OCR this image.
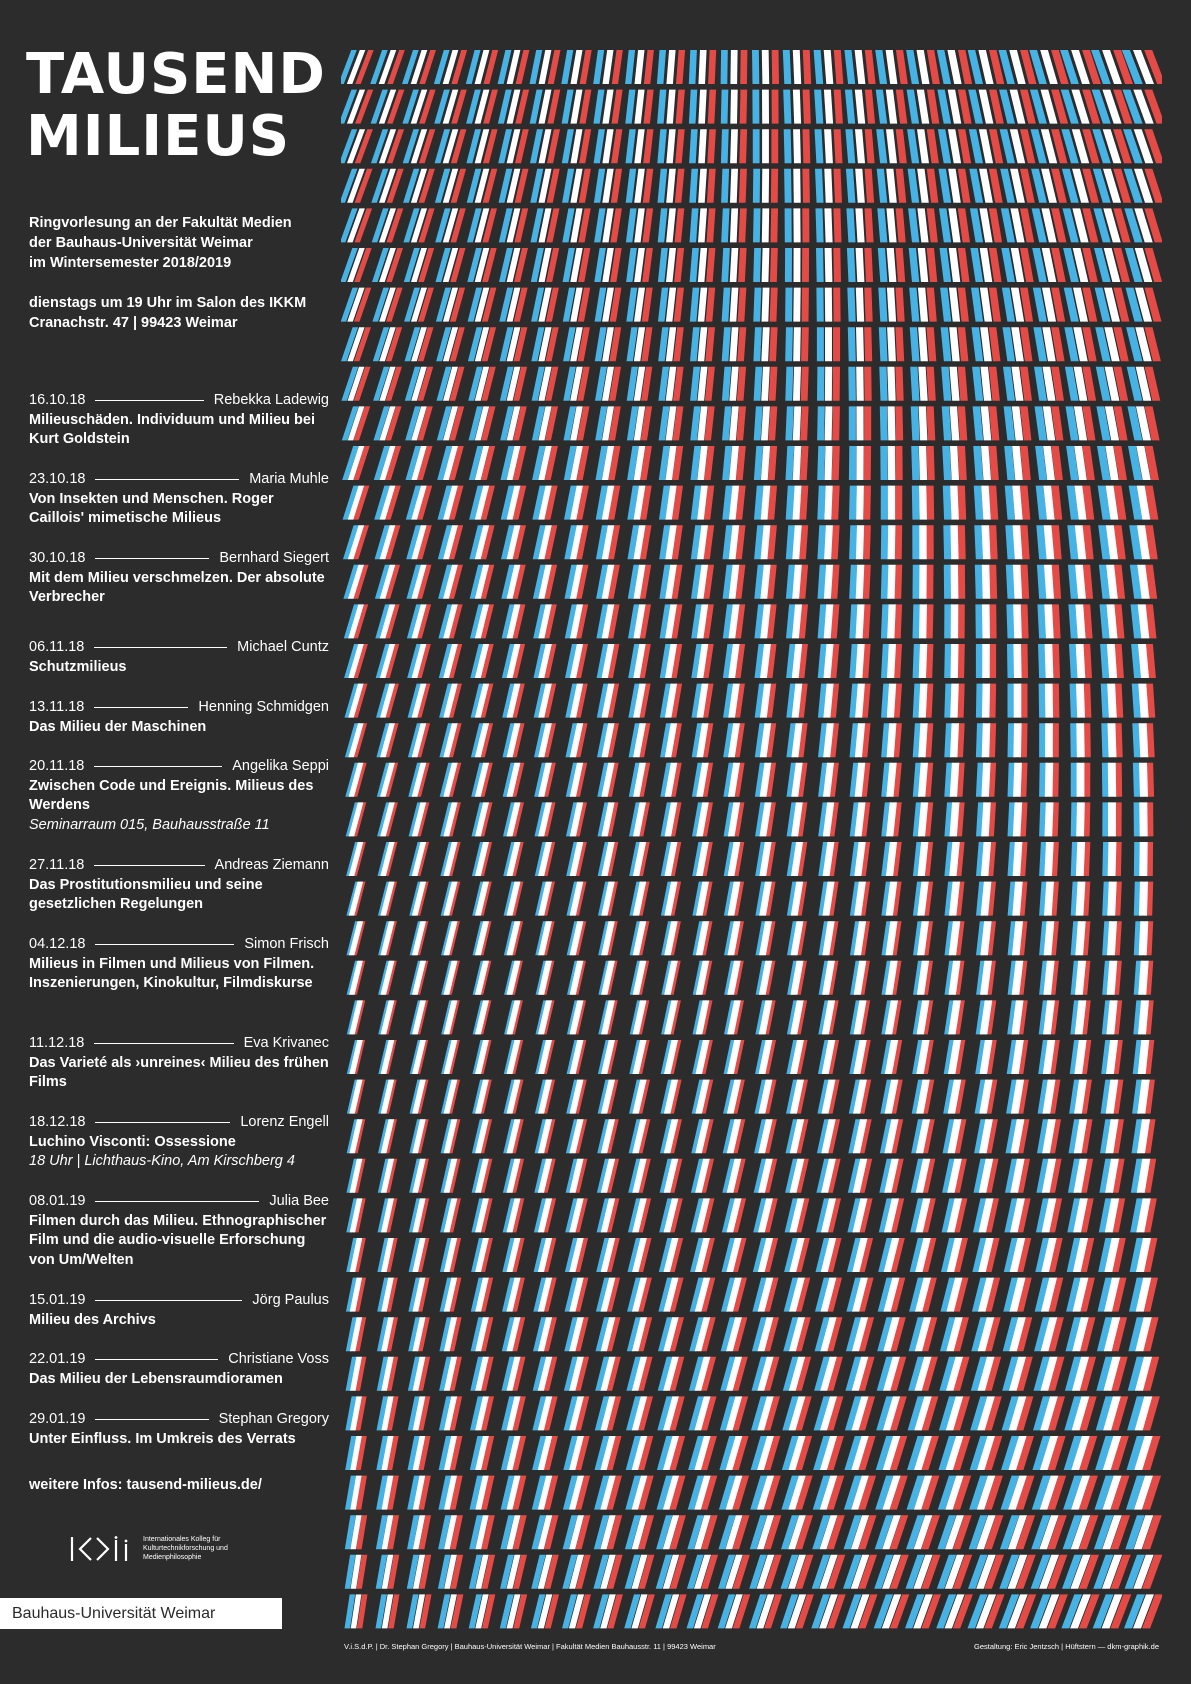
TAUSEND
MILIEUS
Ringvorlesung an der Fakultät Medien
der Bauhaus-Universität Weimar
im Wintersemester 2018/2019
dienstags um 19 Uhr im Salon des IKKM
Cranachstr. 47 | 99423 Weimar
16.10.18	Rebekka Ladewig
Milieuschäden. Individuum und Milieu bei Kurt Goldstein
23.10.18	Maria Muhle
Von Insekten und Menschen. Roger Caillois' mimetische Milieus
30.10.18	Bernhard Siegert
Mit dem Milieu verschmelzen. Der absolute Verbrecher
06.11.18	Michael Cuntz
Schutzmilieus
13.11.18	Henning Schmidgen
Das Milieu der Maschinen
20.11.18	Angelika Seppi
Zwischen Code und Ereignis. Milieus des Werdens
Seminarraum 015, Bauhausstraße 11
27.11.18	Andreas Ziemann
Das Prostitutionsmilieu und seine gesetzlichen Regelungen
04.12.18	Simon Frisch
Milieus in Filmen und Milieus von Filmen. Inszenierungen, Kinokultur, Filmdiskurse
11.12.18	Eva Krivanec
Das Varieté als ›unreines‹ Milieu des frühen Films
18.12.18	Lorenz Engell
Luchino Visconti: Ossessione
18 Uhr | Lichthaus-Kino, Am Kirschberg 4
08.01.19	Julia Bee
Filmen durch das Milieu. Ethnographischer Film und die audio-visuelle Erforschung von Um/Welten
15.01.19	Jörg Paulus
Milieu des Archivs
22.01.19	Christiane Voss
Das Milieu der Lebensraumdioramen
29.01.19	Stephan Gregory
Unter Einfluss. Im Umkreis des Verrats
weitere Infos: tausend-milieus.de/
Internationales Kolleg für Kulturtechnikforschung und Medienphilosophie
Bauhaus-Universität Weimar
V.i.S.d.P. | Dr. Stephan Gregory | Bauhaus-Universität Weimar | Fakultät Medien Bauhausstr. 11 | 99423 Weimar	Gestaltung: Eric Jentzsch | Hüftstern — dkm-graphik.de
